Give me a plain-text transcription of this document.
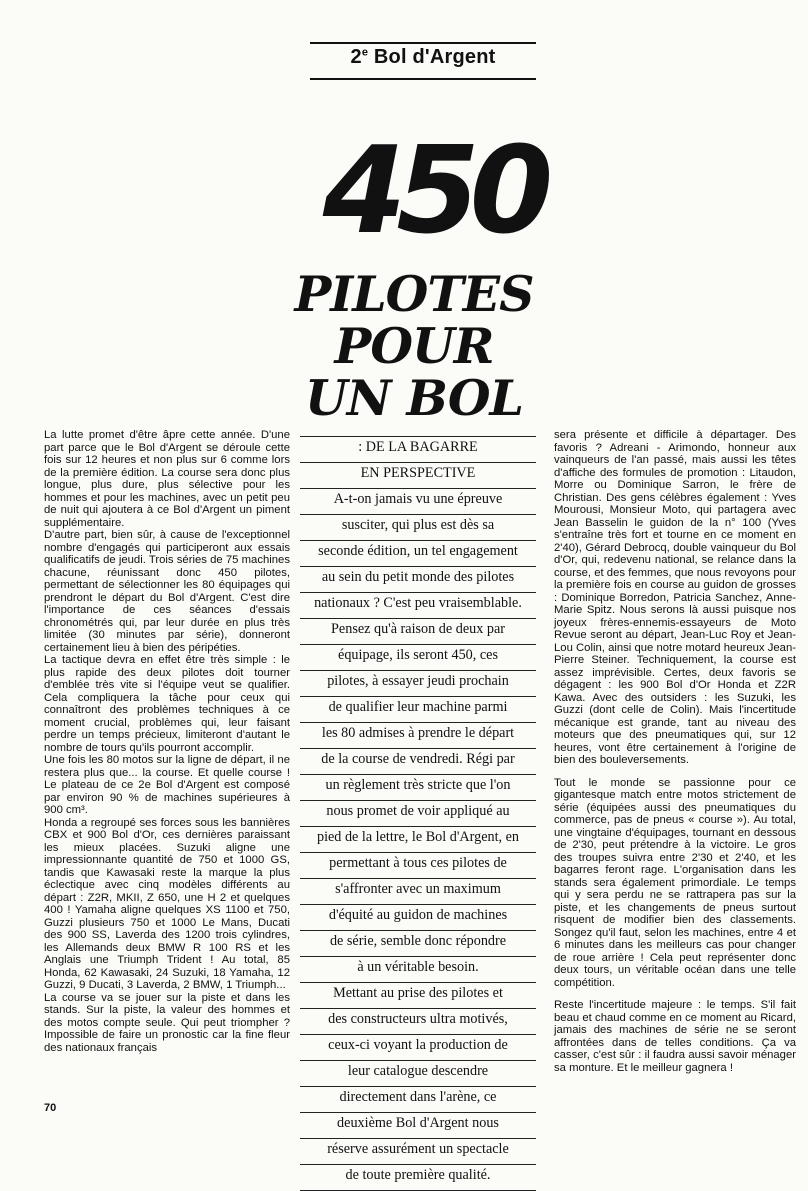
2e Bol d'Argent
450
PILOTES
POUR
UN BOL

La lutte promet d'être âpre cette année. D'une part parce que le Bol d'Argent se déroule cette fois sur 12 heures et non plus sur 6 comme lors de la première édition. La course sera donc plus longue, plus dure, plus sélective pour les hommes et pour les machines, avec un petit peu de nuit qui ajoutera à ce Bol d'Argent un piment supplémentaire.

D'autre part, bien sûr, à cause de l'exceptionnel nombre d'engagés qui participeront aux essais qualificatifs de jeudi. Trois séries de 75 machines chacune, réunissant donc 450 pilotes, permettant de sélectionner les 80 équipages qui prendront le départ du Bol d'Argent. C'est dire l'importance de ces séances d'essais chronométrés qui, par leur durée en plus très limitée (30 minutes par série), donneront certainement lieu à bien des péripéties.

La tactique devra en effet être très simple : le plus rapide des deux pilotes doit tourner d'emblée très vite si l'équipe veut se qualifier. Cela compliquera la tâche pour ceux qui connaîtront des problèmes techniques à ce moment crucial, problèmes qui, leur faisant perdre un temps précieux, limiteront d'autant le nombre de tours qu'ils pourront accomplir.

Une fois les 80 motos sur la ligne de départ, il ne restera plus que... la course. Et quelle course ! Le plateau de ce 2e Bol d'Argent est composé par environ 90 % de machines supérieures à 900 cm³.

Honda a regroupé ses forces sous les bannières CBX et 900 Bol d'Or, ces dernières paraissant les mieux placées. Suzuki aligne une impressionnante quantité de 750 et 1000 GS, tandis que Kawasaki reste la marque la plus éclectique avec cinq modèles différents au départ : Z2R, MKII, Z 650, une H 2 et quelques 400 ! Yamaha aligne quelques XS 1100 et 750, Guzzi plusieurs 750 et 1000 Le Mans, Ducati des 900 SS, Laverda des 1200 trois cylindres, les Allemands deux BMW R 100 RS et les Anglais une Triumph Trident ! Au total, 85 Honda, 62 Kawasaki, 24 Suzuki, 18 Yamaha, 12 Guzzi, 9 Ducati, 3 Laverda, 2 BMW, 1 Triumph...

La course va se jouer sur la piste et dans les stands. Sur la piste, la valeur des hommes et des motos compte seule. Qui peut triompher ? Impossible de faire un pronostic car la fine fleur des nationaux français

: DE LA BAGARRE
EN PERSPECTIVE
A-t-on jamais vu une épreuve
susciter, qui plus est dès sa
seconde édition, un tel engagement
au sein du petit monde des pilotes
nationaux ? C'est peu vraisemblable.
Pensez qu'à raison de deux par
équipage, ils seront 450, ces
pilotes, à essayer jeudi prochain
de qualifier leur machine parmi
les 80 admises à prendre le départ
de la course de vendredi. Régi par
un règlement très stricte que l'on
nous promet de voir appliqué au
pied de la lettre, le Bol d'Argent, en
permettant à tous ces pilotes de
s'affronter avec un maximum
d'équité au guidon de machines
de série, semble donc répondre
à un véritable besoin.
Mettant au prise des pilotes et
des constructeurs ultra motivés,
ceux-ci voyant la production de
leur catalogue descendre
directement dans l'arène, ce
deuxième Bol d'Argent nous
réserve assurément un spectacle
de toute première qualité.

sera présente et difficile à départager. Des favoris ? Adreani - Arimondo, honneur aux vainqueurs de l'an passé, mais aussi les têtes d'affiche des formules de promotion : Litaudon, Morre ou Dominique Sarron, le frère de Christian. Des gens célèbres également : Yves Mourousi, Monsieur Moto, qui partagera avec Jean Basselin le guidon de la n° 100 (Yves s'entraîne très fort et tourne en ce moment en 2'40), Gérard Debrocq, double vainqueur du Bol d'Or, qui, redevenu national, se relance dans la course, et des femmes, que nous revoyons pour la première fois en course au guidon de grosses : Dominique Borredon, Patricia Sanchez, Anne-Marie Spitz. Nous serons là aussi puisque nos joyeux frères-ennemis-essayeurs de Moto Revue seront au départ, Jean-Luc Roy et Jean-Lou Colin, ainsi que notre motard heureux Jean-Pierre Steiner. Techniquement, la course est assez imprévisible. Certes, deux favoris se dégagent : les 900 Bol d'Or Honda et Z2R Kawa. Avec des outsiders : les Suzuki, les Guzzi (dont celle de Colin). Mais l'incertitude mécanique est grande, tant au niveau des moteurs que des pneumatiques qui, sur 12 heures, vont être certainement à l'origine de bien des bouleversements.

Tout le monde se passionne pour ce gigantesque match entre motos strictement de série (équipées aussi des pneumatiques du commerce, pas de pneus « course »). Au total, une vingtaine d'équipages, tournant en dessous de 2'30, peut prétendre à la victoire. Le gros des troupes suivra entre 2'30 et 2'40, et les bagarres feront rage. L'organisation dans les stands sera également primordiale. Le temps qui y sera perdu ne se rattrapera pas sur la piste, et les changements de pneus surtout risquent de modifier bien des classements. Songez qu'il faut, selon les machines, entre 4 et 6 minutes dans les meilleurs cas pour changer de roue arrière ! Cela peut représenter donc deux tours, un véritable océan dans une telle compétition.

Reste l'incertitude majeure : le temps. S'il fait beau et chaud comme en ce moment au Ricard, jamais des machines de série ne se seront affrontées dans de telles conditions. Ça va casser, c'est sûr : il faudra aussi savoir ménager sa monture. Et le meilleur gagnera !

70
